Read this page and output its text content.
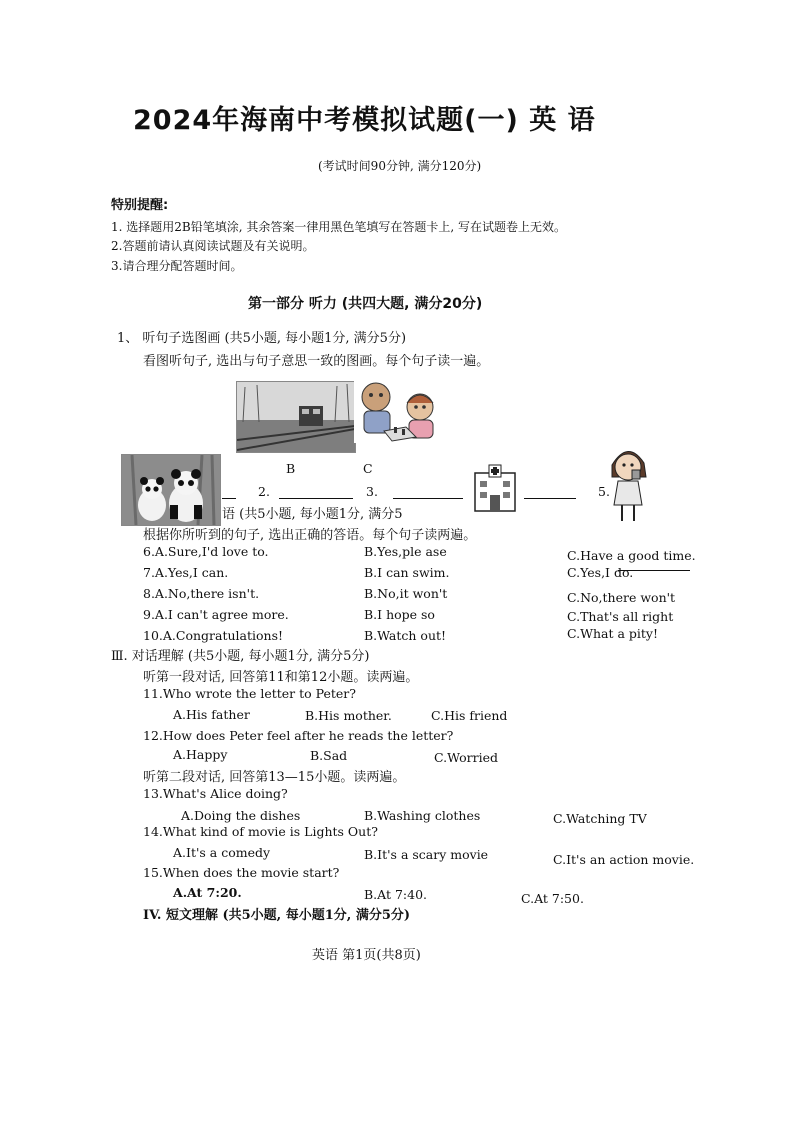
2024年海南中考模拟试题(一) 英 语
(考试时间90分钟, 满分120分)
特别提醒:
1. 选择题用2B铅笔填涂, 其余答案一律用黑色笔填写在答题卡上, 写在试题卷上无效。
2.答题前请认真阅读试题及有关说明。
3.请合理分配答题时间。
第一部分 听力 (共四大题, 满分20分)
1、 听句子选图画 (共5小题, 每小题1分, 满分5分)
看图听句子, 选出与句子意思一致的图画。每个句子读一遍。
B	C
2.	3.	5.
语 (共5小题, 每小题1分, 满分5
根据你所听到的句子, 选出正确的答语。每个句子读两遍。
6.A.Sure,I'd love to.	B.Yes,ple ase	C.Have a good time.
7.A.Yes,I can.	B.I can swim.	C.Yes,I do.
8.A.No,there isn't.	B.No,it won't	C.No,there won't
9.A.I can't agree more.	B.I hope so	C.That's all right
10.A.Congratulations!	B.Watch out!	C.What a pity!
Ⅲ. 对话理解 (共5小题, 每小题1分, 满分5分)
听第一段对话, 回答第11和第12小题。读两遍。
11.Who wrote the letter to Peter?
A.His father	B.His mother.	C.His friend
12.How does Peter feel after he reads the letter?
A.Happy	B.Sad	C.Worried
听第二段对话, 回答第13—15小题。读两遍。
13.What's Alice doing?
A.Doing the dishes	B.Washing clothes	C.Watching TV
14.What kind of movie is Lights Out?
A.It's a comedy	B.It's a scary movie	C.It's an action movie.
15.When does the movie start?
A.At 7:20.	B.At 7:40.	C.At 7:50.
IV. 短文理解 (共5小题, 每小题1分, 满分5分)
英语 第1页(共8页)
